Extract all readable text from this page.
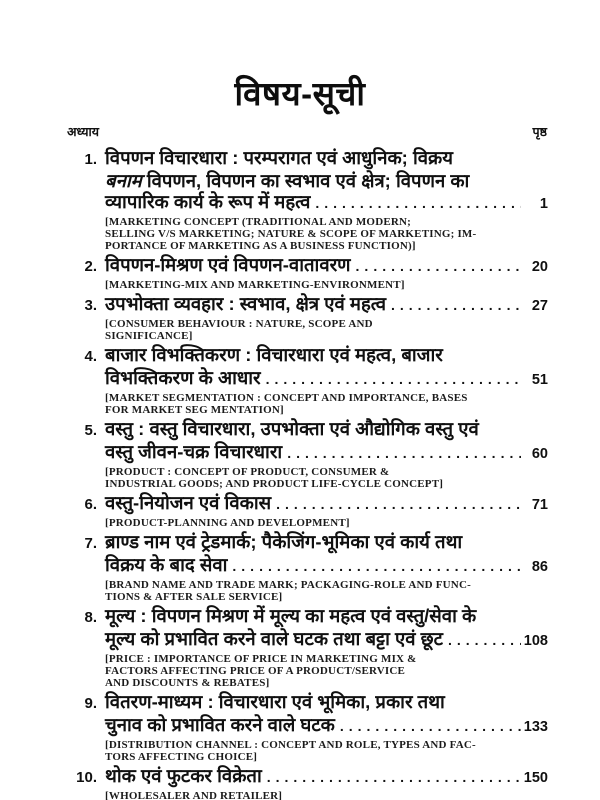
विषय-सूची
अध्याय	पृष्ठ
1. विपणन विचारधारा : परम्परागत एवं आधुनिक; विक्रय
बनाम विपणन, विपणन का स्वभाव एवं क्षेत्र; विपणन का
व्यापारिक कार्य के रूप में महत्व .....	1
[MARKETING CONCEPT (TRADITIONAL AND MODERN;
SELLING V/S MARKETING; NATURE & SCOPE OF MARKETING; IM-
PORTANCE OF MARKETING AS A BUSINESS FUNCTION)]
2. विपणन-मिश्रण एवं विपणन-वातावरण .....	20
[MARKETING-MIX AND MARKETING-ENVIRONMENT]
3. उपभोक्ता व्यवहार : स्वभाव, क्षेत्र एवं महत्व .....	27
[CONSUMER BEHAVIOUR : NATURE, SCOPE AND
SIGNIFICANCE]
4. बाजार विभक्तिकरण : विचारधारा एवं महत्व, बाजार
विभक्तिकरण के आधार .....	51
[MARKET SEGMENTATION : CONCEPT AND IMPORTANCE, BASES
FOR MARKET SEG MENTATION]
5. वस्तु : वस्तु विचारधारा, उपभोक्ता एवं औद्योगिक वस्तु एवं
वस्तु जीवन-चक्र विचारधारा .....	60
[PRODUCT : CONCEPT OF PRODUCT, CONSUMER &
INDUSTRIAL GOODS; AND PRODUCT LIFE-CYCLE CONCEPT]
6. वस्तु-नियोजन एवं विकास .....	71
[PRODUCT-PLANNING AND DEVELOPMENT]
7. ब्राण्ड नाम एवं ट्रेडमार्क; पैकेजिंग-भूमिका एवं कार्य तथा
विक्रय के बाद सेवा .....	86
[BRAND NAME AND TRADE MARK; PACKAGING-ROLE AND FUNC-
TIONS & AFTER SALE SERVICE]
8. मूल्य : विपणन मिश्रण में मूल्य का महत्व एवं वस्तु/सेवा के
मूल्य को प्रभावित करने वाले घटक तथा बट्टा एवं छूट .....	108
[PRICE : IMPORTANCE OF PRICE IN MARKETING MIX &
FACTORS AFFECTING PRICE OF A PRODUCT/SERVICE
AND DISCOUNTS & REBATES]
9. वितरण-माध्यम : विचारधारा एवं भूमिका, प्रकार तथा
चुनाव को प्रभावित करने वाले घटक .....	133
[DISTRIBUTION CHANNEL : CONCEPT AND ROLE, TYPES AND FAC-
TORS AFFECTING CHOICE]
10. थोक एवं फुटकर विक्रेता .....	150
[WHOLESALER AND RETAILER]
